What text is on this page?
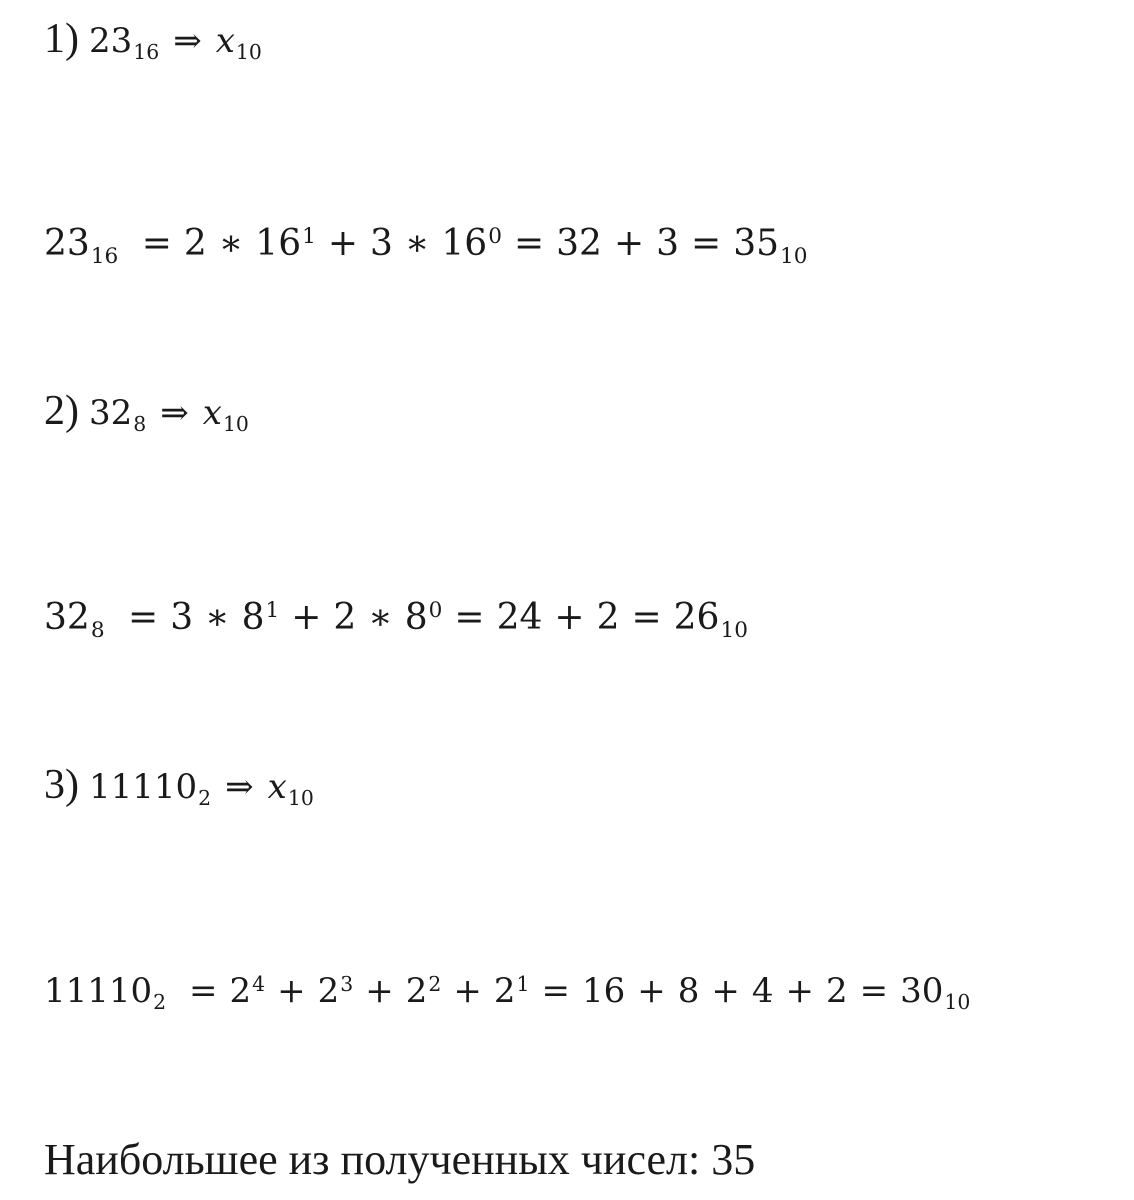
1) $23_{16}$ ⇒ $x_{10}$
$23_{16} = 2$ ∗ $16^1 + 3$ ∗ $16^0 = 32 + 3 = 35_{10}$
2) $32_8$ ⇒ $x_{10}$
$32_8 = 3$ ∗ $8^1 + 2$ ∗ $8^0 = 24 + 2 = 26_{10}$
3) $11110_2$ ⇒ $x_{10}$
$11110_2 = 2^4 + 2^3 + 2^2 + 2^1 = 16 + 8 + 4 + 2 = 30_{10}$
Наибольшее из полученных чисел: 35
